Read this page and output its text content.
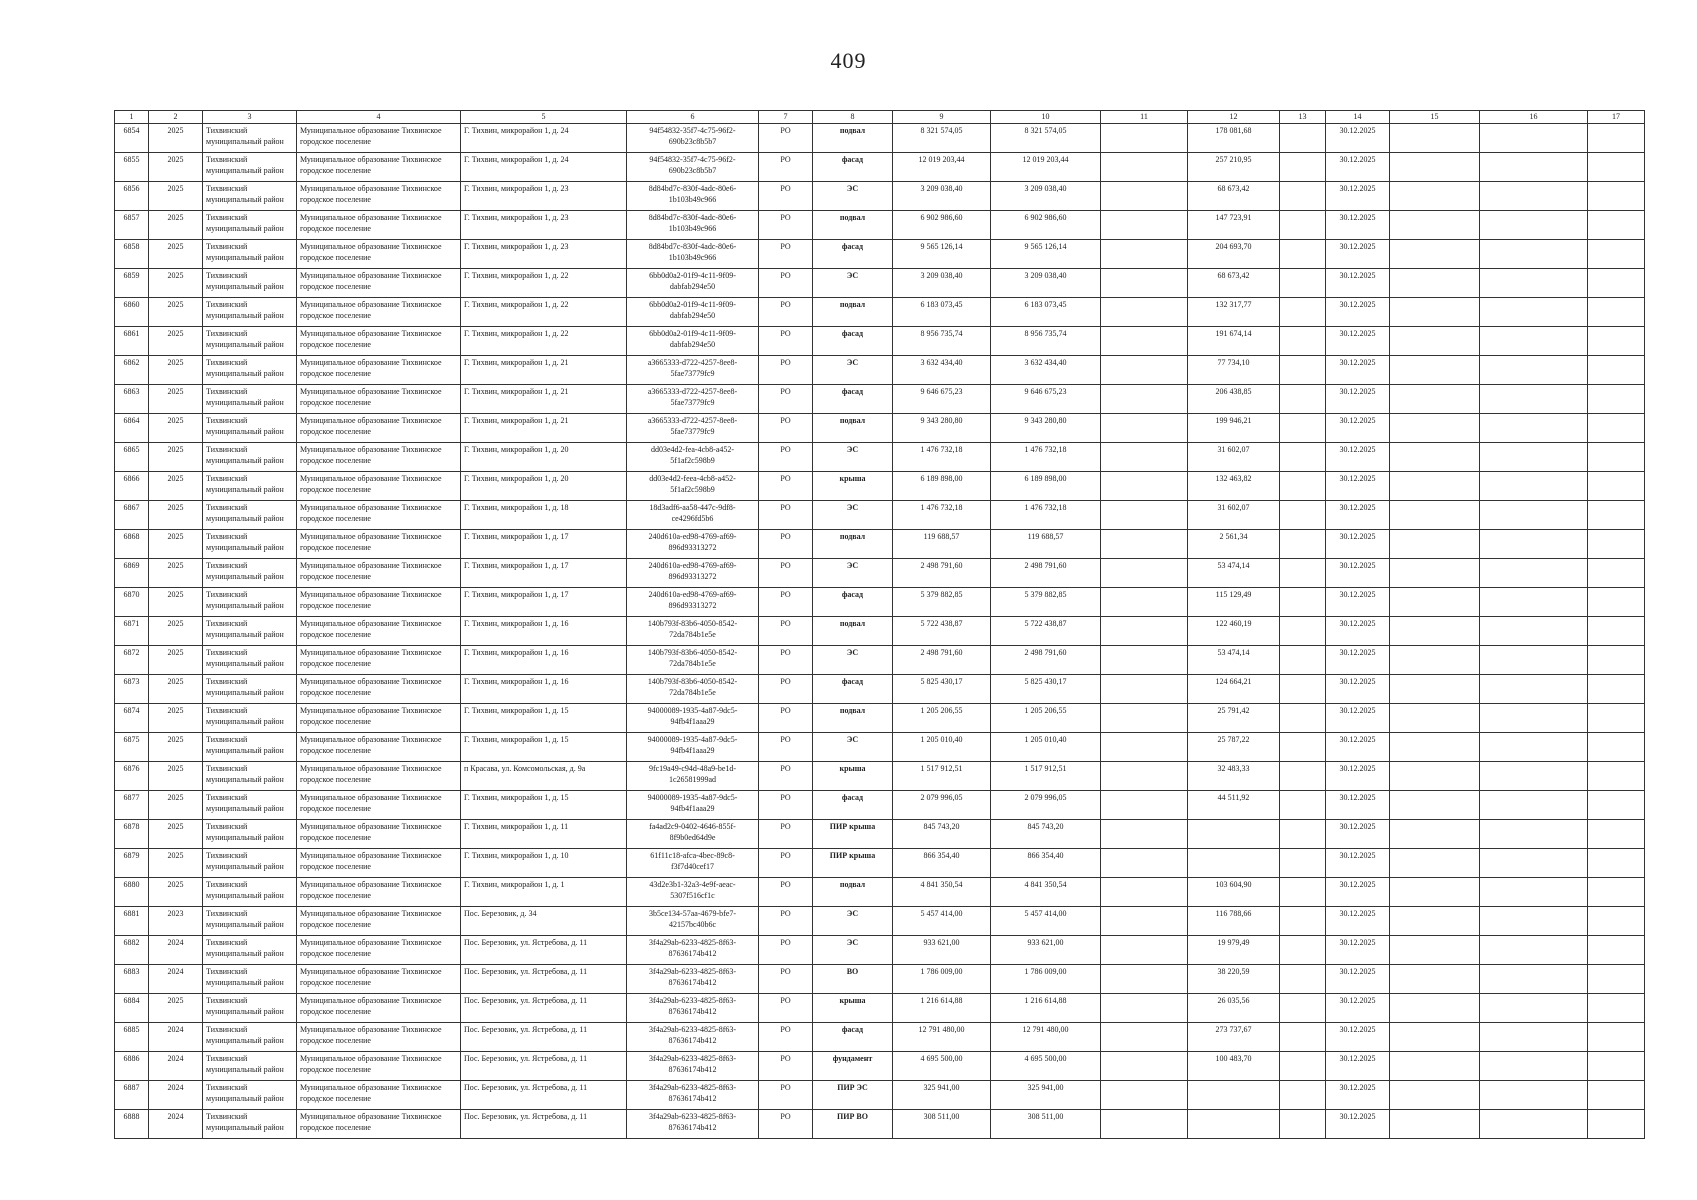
409
1	2	3	4	5	6	7	8	9	10	11	12	13	14	15	16	17
6854	2025	Тихвинский муниципальный район	Муниципальное образование Тихвинское городское поселение	Г. Тихвин, микрорайон 1, д. 24	94f54832-35f7-4c75-96f2-690b23c8b5b7	РО	подвал	8 321 574,05	8 321 574,05		178 081,68		30.12.2025			
6855	2025	Тихвинский муниципальный район	Муниципальное образование Тихвинское городское поселение	Г. Тихвин, микрорайон 1, д. 24	94f54832-35f7-4c75-96f2-690b23c8b5b7	РО	фасад	12 019 203,44	12 019 203,44		257 210,95		30.12.2025			
6856	2025	Тихвинский муниципальный район	Муниципальное образование Тихвинское городское поселение	Г. Тихвин, микрорайон 1, д. 23	8d84bd7c-830f-4adc-80e6-1b103b49c966	РО	ЭС	3 209 038,40	3 209 038,40		68 673,42		30.12.2025			
6857	2025	Тихвинский муниципальный район	Муниципальное образование Тихвинское городское поселение	Г. Тихвин, микрорайон 1, д. 23	8d84bd7c-830f-4adc-80e6-1b103b49c966	РО	подвал	6 902 986,60	6 902 986,60		147 723,91		30.12.2025			
6858	2025	Тихвинский муниципальный район	Муниципальное образование Тихвинское городское поселение	Г. Тихвин, микрорайон 1, д. 23	8d84bd7c-830f-4adc-80e6-1b103b49c966	РО	фасад	9 565 126,14	9 565 126,14		204 693,70		30.12.2025			
6859	2025	Тихвинский муниципальный район	Муниципальное образование Тихвинское городское поселение	Г. Тихвин, микрорайон 1, д. 22	6bb0d0a2-01f9-4c11-9f09-dabfab294e50	РО	ЭС	3 209 038,40	3 209 038,40		68 673,42		30.12.2025			
6860	2025	Тихвинский муниципальный район	Муниципальное образование Тихвинское городское поселение	Г. Тихвин, микрорайон 1, д. 22	6bb0d0a2-01f9-4c11-9f09-dabfab294e50	РО	подвал	6 183 073,45	6 183 073,45		132 317,77		30.12.2025			
6861	2025	Тихвинский муниципальный район	Муниципальное образование Тихвинское городское поселение	Г. Тихвин, микрорайон 1, д. 22	6bb0d0a2-01f9-4c11-9f09-dabfab294e50	РО	фасад	8 956 735,74	8 956 735,74		191 674,14		30.12.2025			
6862	2025	Тихвинский муниципальный район	Муниципальное образование Тихвинское городское поселение	Г. Тихвин, микрорайон 1, д. 21	a3665333-d722-4257-8ee8-5fae73779fc9	РО	ЭС	3 632 434,40	3 632 434,40		77 734,10		30.12.2025			
6863	2025	Тихвинский муниципальный район	Муниципальное образование Тихвинское городское поселение	Г. Тихвин, микрорайон 1, д. 21	a3665333-d722-4257-8ee8-5fae73779fc9	РО	фасад	9 646 675,23	9 646 675,23		206 438,85		30.12.2025			
6864	2025	Тихвинский муниципальный район	Муниципальное образование Тихвинское городское поселение	Г. Тихвин, микрорайон 1, д. 21	a3665333-d722-4257-8ee8-5fae73779fc9	РО	подвал	9 343 280,80	9 343 280,80		199 946,21		30.12.2025			
6865	2025	Тихвинский муниципальный район	Муниципальное образование Тихвинское городское поселение	Г. Тихвин, микрорайон 1, д. 20	dd03e4d2-fea-4cb8-a452-5f1af2c598b9	РО	ЭС	1 476 732,18	1 476 732,18		31 602,07		30.12.2025			
6866	2025	Тихвинский муниципальный район	Муниципальное образование Тихвинское городское поселение	Г. Тихвин, микрорайон 1, д. 20	dd03e4d2-feea-4cb8-a452-5f1af2c598b9	РО	крыша	6 189 898,00	6 189 898,00		132 463,82		30.12.2025			
6867	2025	Тихвинский муниципальный район	Муниципальное образование Тихвинское городское поселение	Г. Тихвин, микрорайон 1, д. 18	18d3adf6-aa58-447c-9df8-ce4296fd5b6	РО	ЭС	1 476 732,18	1 476 732,18		31 602,07		30.12.2025			
6868	2025	Тихвинский муниципальный район	Муниципальное образование Тихвинское городское поселение	Г. Тихвин, микрорайон 1, д. 17	240d610a-ed98-4769-af69-896d93313272	РО	подвал	119 688,57	119 688,57		2 561,34		30.12.2025			
6869	2025	Тихвинский муниципальный район	Муниципальное образование Тихвинское городское поселение	Г. Тихвин, микрорайон 1, д. 17	240d610a-ed98-4769-af69-896d93313272	РО	ЭС	2 498 791,60	2 498 791,60		53 474,14		30.12.2025			
6870	2025	Тихвинский муниципальный район	Муниципальное образование Тихвинское городское поселение	Г. Тихвин, микрорайон 1, д. 17	240d610a-ed98-4769-af69-896d93313272	РО	фасад	5 379 882,85	5 379 882,85		115 129,49		30.12.2025			
6871	2025	Тихвинский муниципальный район	Муниципальное образование Тихвинское городское поселение	Г. Тихвин, микрорайон 1, д. 16	140b793f-83b6-4050-8542-72da784b1e5e	РО	подвал	5 722 438,87	5 722 438,87		122 460,19		30.12.2025			
6872	2025	Тихвинский муниципальный район	Муниципальное образование Тихвинское городское поселение	Г. Тихвин, микрорайон 1, д. 16	140b793f-83b6-4050-8542-72da784b1e5e	РО	ЭС	2 498 791,60	2 498 791,60		53 474,14		30.12.2025			
6873	2025	Тихвинский муниципальный район	Муниципальное образование Тихвинское городское поселение	Г. Тихвин, микрорайон 1, д. 16	140b793f-83b6-4050-8542-72da784b1e5e	РО	фасад	5 825 430,17	5 825 430,17		124 664,21		30.12.2025			
6874	2025	Тихвинский муниципальный район	Муниципальное образование Тихвинское городское поселение	Г. Тихвин, микрорайон 1, д. 15	94000089-1935-4a87-9dc5-94fb4f1aaa29	РО	подвал	1 205 206,55	1 205 206,55		25 791,42		30.12.2025			
6875	2025	Тихвинский муниципальный район	Муниципальное образование Тихвинское городское поселение	Г. Тихвин, микрорайон 1, д. 15	94000089-1935-4a87-9dc5-94fb4f1aaa29	РО	ЭС	1 205 010,40	1 205 010,40		25 787,22		30.12.2025			
6876	2025	Тихвинский муниципальный район	Муниципальное образование Тихвинское городское поселение	п Красава, ул. Комсомольская, д. 9а	9fc19a49-c94d-48a9-be1d-1c26581999ad	РО	крыша	1 517 912,51	1 517 912,51		32 483,33		30.12.2025			
6877	2025	Тихвинский муниципальный район	Муниципальное образование Тихвинское городское поселение	Г. Тихвин, микрорайон 1, д. 15	94000089-1935-4a87-9dc5-94fb4f1aaa29	РО	фасад	2 079 996,05	2 079 996,05		44 511,92		30.12.2025			
6878	2025	Тихвинский муниципальный район	Муниципальное образование Тихвинское городское поселение	Г. Тихвин, микрорайон 1, д. 11	fa4ad2c9-0402-4646-855f-8f9b0ed64d9e	РО	ПИР крыша	845 743,20	845 743,20				30.12.2025			
6879	2025	Тихвинский муниципальный район	Муниципальное образование Тихвинское городское поселение	Г. Тихвин, микрорайон 1, д. 10	61f11c18-afca-4bec-89c8-f3f7d40cef17	РО	ПИР крыша	866 354,40	866 354,40				30.12.2025			
6880	2025	Тихвинский муниципальный район	Муниципальное образование Тихвинское городское поселение	Г. Тихвин, микрорайон 1, д. 1	43d2e3b1-32a3-4e9f-aeac-5307f516cf1c	РО	подвал	4 841 350,54	4 841 350,54		103 604,90		30.12.2025			
6881	2023	Тихвинский муниципальный район	Муниципальное образование Тихвинское городское поселение	Пос. Березовик, д. 34	3b5ce134-57aa-4679-bfe7-42157bc40b6c	РО	ЭС	5 457 414,00	5 457 414,00		116 788,66		30.12.2025			
6882	2024	Тихвинский муниципальный район	Муниципальное образование Тихвинское городское поселение	Пос. Березовик, ул. Ястребова, д. 11	3f4a29ab-6233-4825-8f63-87636174b412	РО	ЭС	933 621,00	933 621,00		19 979,49		30.12.2025			
6883	2024	Тихвинский муниципальный район	Муниципальное образование Тихвинское городское поселение	Пос. Березовик, ул. Ястребова, д. 11	3f4a29ab-6233-4825-8f63-87636174b412	РО	ВО	1 786 009,00	1 786 009,00		38 220,59		30.12.2025			
6884	2025	Тихвинский муниципальный район	Муниципальное образование Тихвинское городское поселение	Пос. Березовик, ул. Ястребова, д. 11	3f4a29ab-6233-4825-8f63-87636174b412	РО	крыша	1 216 614,88	1 216 614,88		26 035,56		30.12.2025			
6885	2024	Тихвинский муниципальный район	Муниципальное образование Тихвинское городское поселение	Пос. Березовик, ул. Ястребова, д. 11	3f4a29ab-6233-4825-8f63-87636174b412	РО	фасад	12 791 480,00	12 791 480,00		273 737,67		30.12.2025			
6886	2024	Тихвинский муниципальный район	Муниципальное образование Тихвинское городское поселение	Пос. Березовик, ул. Ястребова, д. 11	3f4a29ab-6233-4825-8f63-87636174b412	РО	фундамент	4 695 500,00	4 695 500,00		100 483,70		30.12.2025			
6887	2024	Тихвинский муниципальный район	Муниципальное образование Тихвинское городское поселение	Пос. Березовик, ул. Ястребова, д. 11	3f4a29ab-6233-4825-8f63-87636174b412	РО	ПИР ЭС	325 941,00	325 941,00				30.12.2025			
6888	2024	Тихвинский муниципальный район	Муниципальное образование Тихвинское городское поселение	Пос. Березовик, ул. Ястребова, д. 11	3f4a29ab-6233-4825-8f63-87636174b412	РО	ПИР ВО	308 511,00	308 511,00				30.12.2025			
